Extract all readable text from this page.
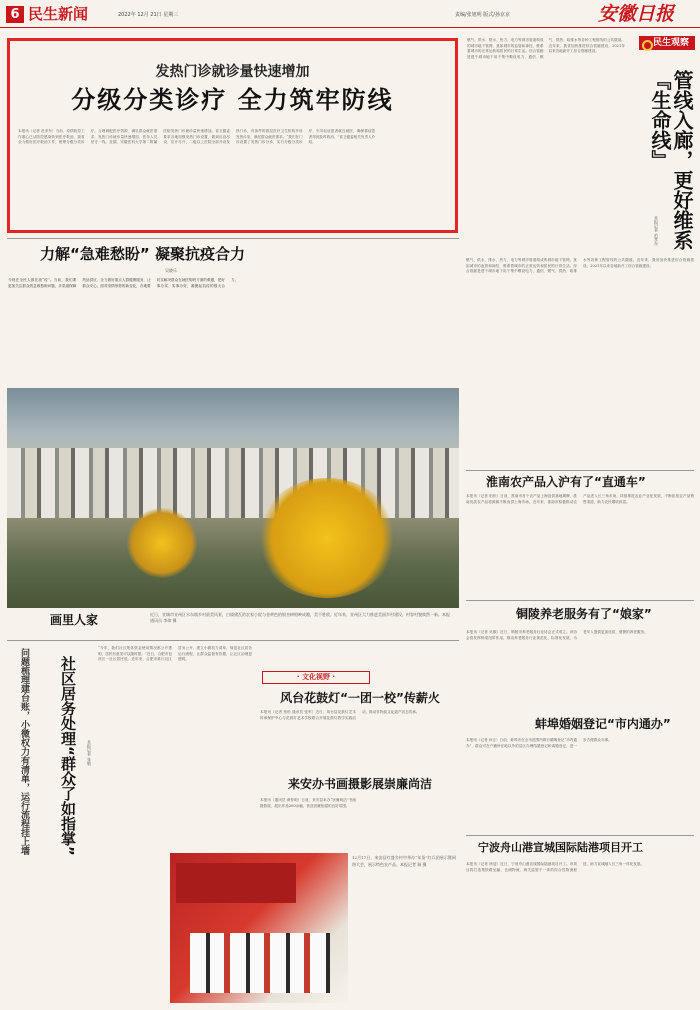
6 民生新闻	2022年 12月 21日 星期三	责编/张旭明 版式/孙京京	安徽日报
发热门诊就诊量快速增加
分级分类诊疗 全力筑牢防线
本报讯（记者 范孝东）当前，疫情防控工作重心已从防控感染转到医疗救治。我省全力做好医疗救治工作，统筹分级分类诊疗，合理调配医疗资源，满足群众就医需求，发热门诊就诊量快速增加，医务人员坚守一线。近期，安徽医科大学第二附属医院发热门诊就诊量快速增加。省卫健委要求各地加强发热门诊设置，做到应设尽设、应开尽开，二级以上医院全部开设发热门诊，有条件的基层医疗卫生机构开设发热诊室，满足群众就医需求。“我们在门诊设置了发热门诊分诊，实行分级分类诊疗，引导轻症患者就近就医，确保重症患者得到及时救治。”省卫健委相关负责人介绍。
民生观察
管线入廊，更好维系『生命线』
本报记者 范孝东
燃气、供水、排水、热力、电力等城市管道构成的城市地下管网，犹如城市的血管和神经，维系着城市的正常运转和居民的日常生活。综合管廊是建于城市地下用于集中敷设电力、通信、燃气、供热、给排水等各种工程管线的公共隧道。近年来，我省加快推进综合管廊建设，2021年以来各地新开工综合管廊建设。
力解“急难愁盼” 凝聚抗疫合力
吴晓乐
今现在全民人都在战“疫”。当前，我们要更加关注群众的急难愁盼问题，多渠道保障药品供应，全力做好重点人群健康服务，让群众安心。面对疫情形势的新变化，各地要切实解决群众在就医购药方面的难题，把好事办实、实事办好，凝聚起抗疫的强大合力。
画里人家	近日，宣城市宣州区水东镇乡村最美风景，白墙黛瓦的农家小院与金黄色的银杏树相映成趣，美不胜收。近年来，宣州区大力推进美丽乡村建设，村容村貌焕然一新。本报通讯员 李璋 摄
燃气、供水、排水、热力、电力等城市管道构成的城市地下管网，犹如城市的血管和神经，维系着城市的正常运转和居民的日常生活。综合管廊是建于城市地下用于集中敷设电力、通信、燃气、供热、给排水等各种工程管线的公共隧道。近年来，我省加快推进综合管廊建设，2021年以来各地新开工综合管廊建设。
淮南农产品入沪有了“直通车”
本报讯（记者 柏松）日前，淮南市首个农产品上海直供基地揭牌，淮南优质农产品将源源不断直供上海市场。近年来，淮南市积极推动农产品进入长三角市场，持续推进农业产业化发展，不断拓宽农产品销售渠道，助力农民增收致富。
铜陵养老服务有了“娘家”
本报讯（记者 吴顺）近日，铜陵市养老服务行业协会正式成立。该协会将发挥桥梁纽带作用，推动养老服务行业规范化、标准化发展，为老年人提供更加优质、便捷的养老服务。
蚌埠婚姻登记“市内通办”
本报讯（记者 孙言）日前，蚌埠市在全市范围内推行婚姻登记“市内通办”，群众可在户籍所在地以外的县区办理结婚登记和离婚登记，进一步方便群众办事。
宁波舟山港宣城国际陆港项目开工
本报讯（记者 徐迎）近日，宁波舟山港宣城国际陆港项目开工。该项目将打造集铁路运输、仓储物流、海关监管于一体的综合性物流枢纽，助力宣城融入长三角一体化发展。
问题梳理建台账，小微权力有清单，运行流程挂上墙	社区居务处理“群众了如指掌”	本报记者 张敏
“今年，我们社区集体资金使用情况都公开透明，居民有意见可以随时提。”近日，合肥市包河区一社区居民说。近年来，合肥市推行社区居务公开，建立小微权力清单，规范社区居务运行流程，让群众监督有依据，让社区治理更透明。
· 文化视野 ·
风台花鼓灯“一团一校”传薪火
本报讯（记者 柏松 通讯员 张军）近日，凤台县花鼓灯艺术传承保护中心与花鼓灯艺术学校联合开展花鼓灯教学实践活动，推动非物质文化遗产活态传承。
来安办书画摄影展崇廉尚洁
本报讯（通讯员 黄仲明）日前，来安县举办“崇廉尚洁”书画摄影展，展出作品200余幅，营造崇廉拒腐的良好氛围。
12月17日，来安县红盛乡村中举办“年货”红兵团展示暨网络大会，展示特色农产品。本报记者 瑞 摄
